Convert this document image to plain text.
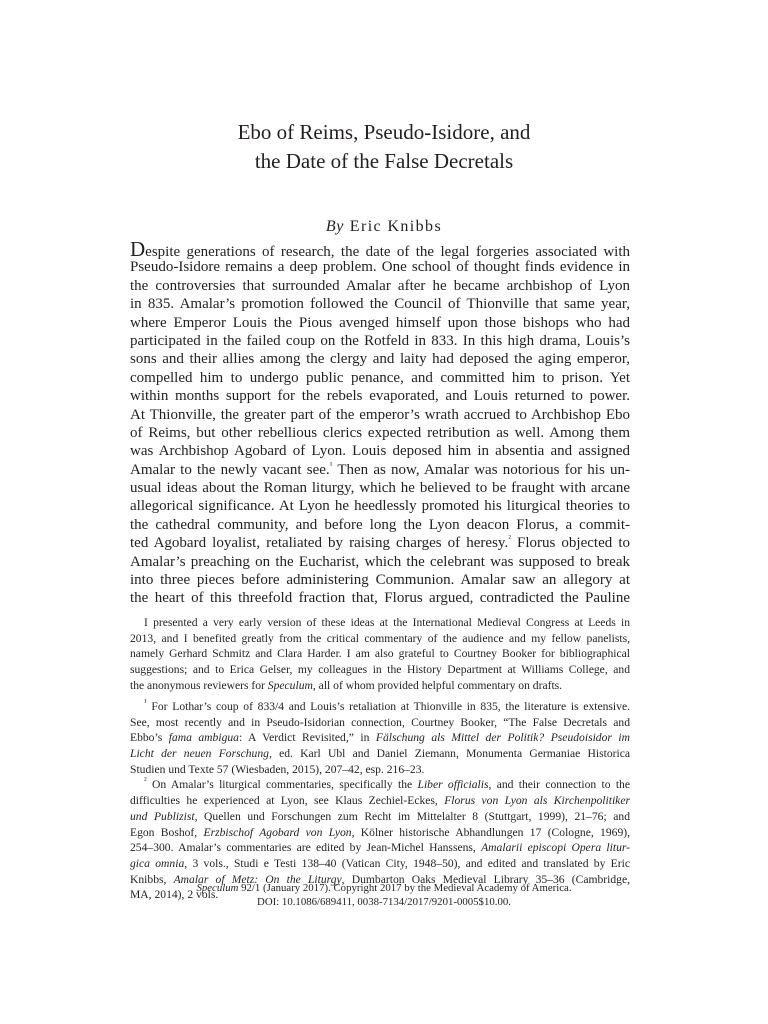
Ebo of Reims, Pseudo-Isidore, and
the Date of the False Decretals
By Eric Knibbs
Despite generations of research, the date of the legal forgeries associated with​
Pseudo-Isidore remains a deep problem. One school of thought finds evidence in​
the controversies that surrounded Amalar after he became archbishop of Lyon​
in 835. Amalar’s promotion followed the Council of Thionville that same year,​
where Emperor Louis the Pious avenged himself upon those bishops who had​
participated in the failed coup on the Rotfeld in 833. In this high drama, Louis’s​
sons and their allies among the clergy and laity had deposed the aging emperor,​
compelled him to undergo public penance, and committed him to prison. Yet​
within months support for the rebels evaporated, and Louis returned to power.​
At Thionville, the greater part of the emperor’s wrath accrued to Archbishop Ebo​
of Reims, but other rebellious clerics expected retribution as well. Among them​
was Archbishop Agobard of Lyon. Louis deposed him in absentia and assigned​
Amalar to the newly vacant see.$^{^1}$ Then as now, Amalar was notorious for his un-​
usual ideas about the Roman liturgy, which he believed to be fraught with arcane​
allegorical significance. At Lyon he heedlessly promoted his liturgical theories to​
the cathedral community, and before long the Lyon deacon Florus, a commit-​
ted Agobard loyalist, retaliated by raising charges of heresy.$^{^2}$ Florus objected to​
Amalar’s preaching on the Eucharist, which the celebrant was supposed to break​
into three pieces before administering Communion. Amalar saw an allegory at​
the heart of this threefold fraction that, Florus argued, contradicted the Pauline​
I presented a very early version of these ideas at the International Medieval Congress at Leeds in
2013, and I benefited greatly from the critical commentary of the audience and my fellow panelists,
namely Gerhard Schmitz and Clara Harder. I am also grateful to Courtney Booker for bibliographical
suggestions; and to Erica Gelser, my colleagues in the History Department at Williams College, and
the anonymous reviewers for Speculum, all of whom provided helpful commentary on drafts.
$^{^1}$ For Lothar’s coup of 833/4 and Louis’s retaliation at Thionville in 835, the literature is extensive.
See, most recently and in Pseudo-Isidorian connection, Courtney Booker, “The False Decretals and
Ebbo’s fama ambigua: A Verdict Revisited,” in Fälschung als Mittel der Politik? Pseudoisidor im
Licht der neuen Forschung, ed. Karl Ubl and Daniel Ziemann, Monumenta Germaniae Historica
Studien und Texte 57 (Wiesbaden, 2015), 207–42, esp. 216–23.
$^{^2}$ On Amalar’s liturgical commentaries, specifically the Liber officialis, and their connection to the
difficulties he experienced at Lyon, see Klaus Zechiel-Eckes, Florus von Lyon als Kirchenpolitiker
und Publizist, Quellen und Forschungen zum Recht im Mittelalter 8 (Stuttgart, 1999), 21–76; and
Egon Boshof, Erzbischof Agobard von Lyon, Kölner historische Abhandlungen 17 (Cologne, 1969),
254–300. Amalar’s commentaries are edited by Jean-Michel Hanssens, Amalarii episcopi Opera litur-
gica omnia, 3 vols., Studi e Testi 138–40 (Vatican City, 1948–50), and edited and translated by Eric
Knibbs, Amalar of Metz: On the Liturgy, Dumbarton Oaks Medieval Library 35–36 (Cambridge,
MA, 2014), 2 vols.
Speculum 92/1 (January 2017). Copyright 2017 by the Medieval Academy of America.
DOI: 10.1086/689411, 0038-7134/2017/9201-0005$10.00.
